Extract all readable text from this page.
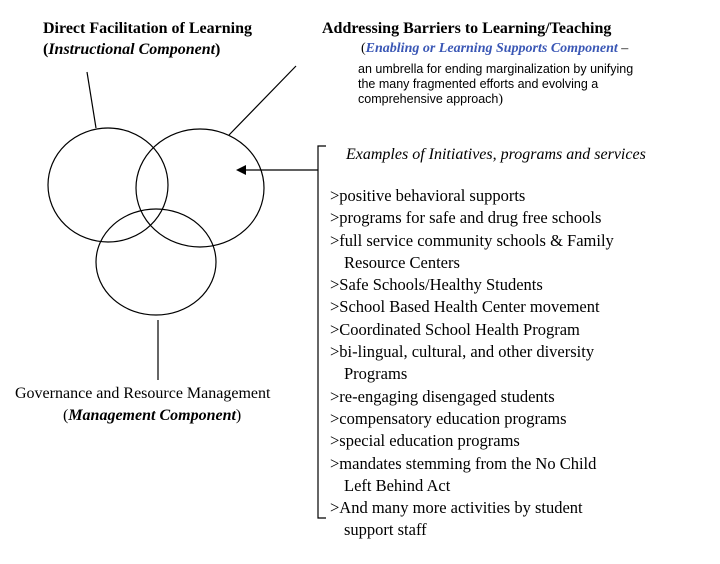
Direct Facilitation of Learning
(Instructional Component)
Addressing Barriers to Learning/Teaching
(Enabling or Learning Supports Component –
an umbrella for ending marginalization by unifying
the many fragmented efforts and evolving a
comprehensive approach)
Examples of Initiatives, programs and services
>positive behavioral supports
>programs for safe and drug free schools
>full service community schools & Family
Resource Centers
>Safe Schools/Healthy Students
>School Based Health Center movement
>Coordinated School Health Program
>bi-lingual, cultural, and other diversity
Programs
>re-engaging disengaged students
>compensatory education programs
>special education programs
>mandates stemming from the No Child
Left Behind Act
>And many more activities by student
support staff
Governance and Resource Management
(Management Component)
